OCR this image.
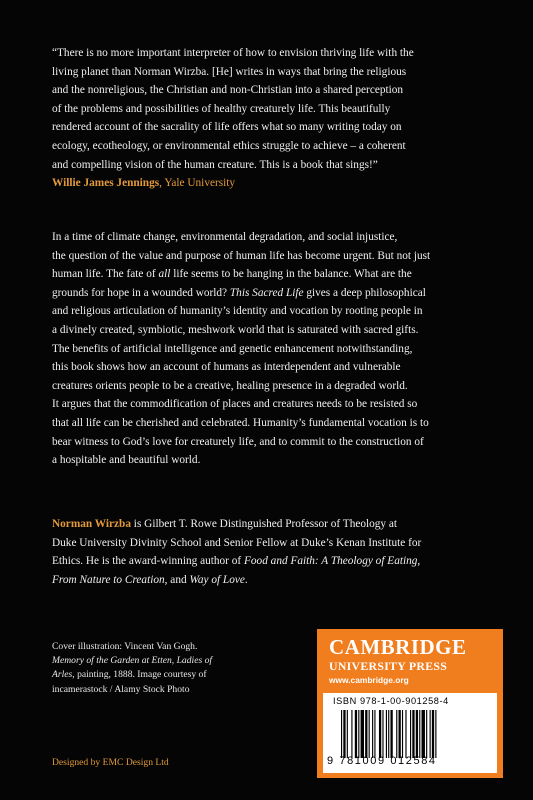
“There is no more important interpreter of how to envision thriving life with the
living planet than Norman Wirzba. [He] writes in ways that bring the religious
and the nonreligious, the Christian and non-Christian into a shared perception
of the problems and possibilities of healthy creaturely life. This beautifully
rendered account of the sacrality of life offers what so many writing today on
ecology, ecotheology, or environmental ethics struggle to achieve – a coherent
and compelling vision of the human creature. This is a book that sings!”
Willie James Jennings, Yale University
In a time of climate change, environmental degradation, and social injustice,
the question of the value and purpose of human life has become urgent. But not just
human life. The fate of all life seems to be hanging in the balance. What are the
grounds for hope in a wounded world? This Sacred Life gives a deep philosophical
and religious articulation of humanity’s identity and vocation by rooting people in
a divinely created, symbiotic, meshwork world that is saturated with sacred gifts.
The benefits of artificial intelligence and genetic enhancement notwithstanding,
this book shows how an account of humans as interdependent and vulnerable
creatures orients people to be a creative, healing presence in a degraded world.
It argues that the commodification of places and creatures needs to be resisted so
that all life can be cherished and celebrated. Humanity’s fundamental vocation is to
bear witness to God’s love for creaturely life, and to commit to the construction of
a hospitable and beautiful world.
Norman Wirzba is Gilbert T. Rowe Distinguished Professor of Theology at
Duke University Divinity School and Senior Fellow at Duke’s Kenan Institute for
Ethics. He is the award-winning author of Food and Faith: A Theology of Eating,
From Nature to Creation, and Way of Love.
Cover illustration: Vincent Van Gogh.
Memory of the Garden at Etten, Ladies of
Arles, painting, 1888. Image courtesy of
incamerastock / Alamy Stock Photo
Designed by EMC Design Ltd
CAMBRIDGE
UNIVERSITY PRESS
www.cambridge.org
ISBN 978-1-00-901258-4
9 781009 012584
